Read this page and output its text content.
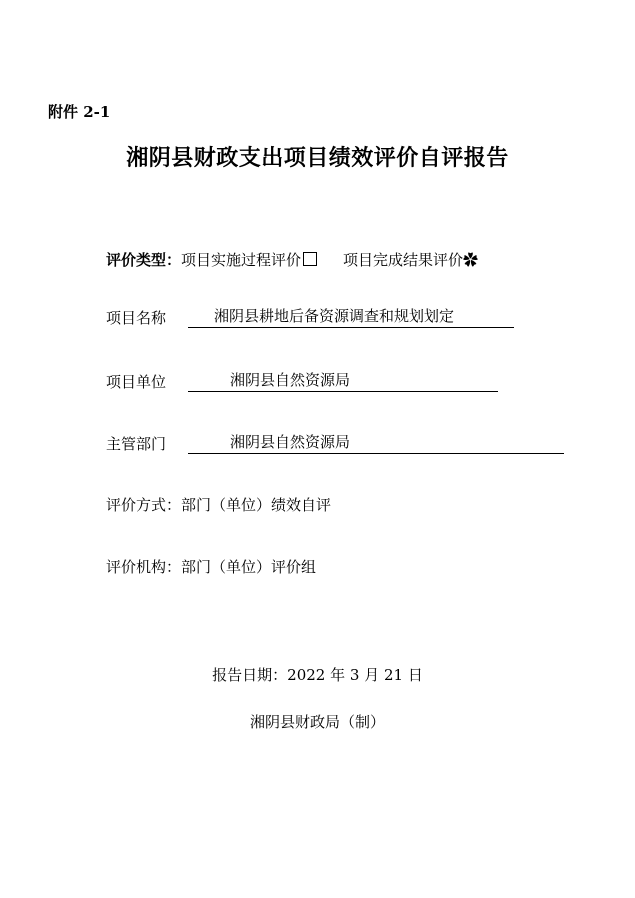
附件 2-1
湘阴县财政支出项目绩效评价自评报告
评价类型：项目实施过程评价	项目完成结果评价✿
项目名称	湘阴县耕地后备资源调查和规划划定
项目单位	湘阴县自然资源局
主管部门	湘阴县自然资源局
评价方式：部门（单位）绩效自评
评价机构：部门（单位）评价组
报告日期：2022 年 3 月 21 日
湘阴县财政局（制）
